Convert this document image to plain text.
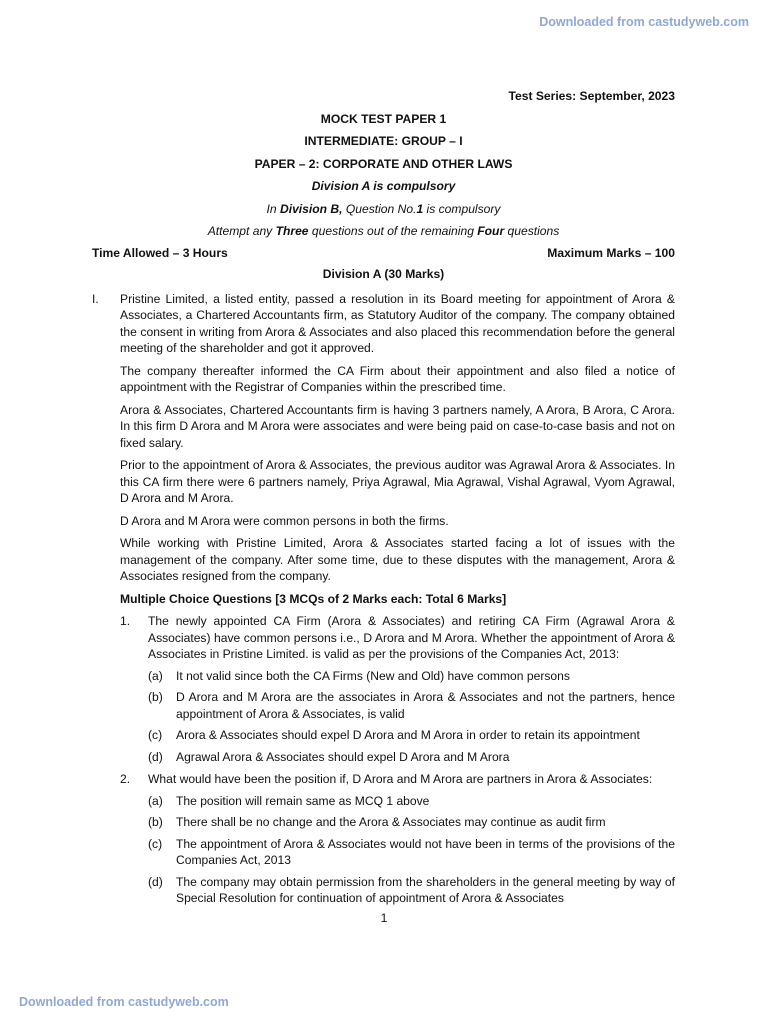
Downloaded from castudyweb.com

Test Series: September, 2023

MOCK TEST PAPER 1

INTERMEDIATE: GROUP – I

PAPER – 2: CORPORATE AND OTHER LAWS

Division A is compulsory

In Division B, Question No.1 is compulsory

Attempt any Three questions out of the remaining Four questions

Time Allowed – 3 Hours	Maximum Marks – 100

Division A (30 Marks)

I.	Pristine Limited, a listed entity, passed a resolution in its Board meeting for appointment of Arora & Associates, a Chartered Accountants firm, as Statutory Auditor of the company. The company obtained the consent in writing from Arora & Associates and also placed this recommendation before the general meeting of the shareholder and got it approved.

The company thereafter informed the CA Firm about their appointment and also filed a notice of appointment with the Registrar of Companies within the prescribed time.

Arora & Associates, Chartered Accountants firm is having 3 partners namely, A Arora, B Arora, C Arora. In this firm D Arora and M Arora were associates and were being paid on case-to-case basis and not on fixed salary.

Prior to the appointment of Arora & Associates, the previous auditor was Agrawal Arora & Associates. In this CA firm there were 6 partners namely, Priya Agrawal, Mia Agrawal, Vishal Agrawal, Vyom Agrawal, D Arora and M Arora.

D Arora and M Arora were common persons in both the firms.

While working with Pristine Limited, Arora & Associates started facing a lot of issues with the management of the company. After some time, due to these disputes with the management, Arora & Associates resigned from the company.

Multiple Choice Questions [3 MCQs of 2 Marks each: Total 6 Marks]
1.	The newly appointed CA Firm (Arora & Associates) and retiring CA Firm (Agrawal Arora & Associates) have common persons i.e., D Arora and M Arora. Whether the appointment of Arora & Associates in Pristine Limited. is valid as per the provisions of the Companies Act, 2013:
(a)	It not valid since both the CA Firms (New and Old) have common persons
(b)	D Arora and M Arora are the associates in Arora & Associates and not the partners, hence appointment of Arora & Associates, is valid
(c)	Arora & Associates should expel D Arora and M Arora in order to retain its appointment
(d)	Agrawal Arora & Associates should expel D Arora and M Arora
2.	What would have been the position if, D Arora and M Arora are partners in Arora & Associates:
(a)	The position will remain same as MCQ 1 above
(b)	There shall be no change and the Arora & Associates may continue as audit firm
(c)	The appointment of Arora & Associates would not have been in terms of the provisions of the Companies Act, 2013
(d)	The company may obtain permission from the shareholders in the general meeting by way of Special Resolution for continuation of appointment of Arora & Associates
1
Downloaded from castudyweb.com
